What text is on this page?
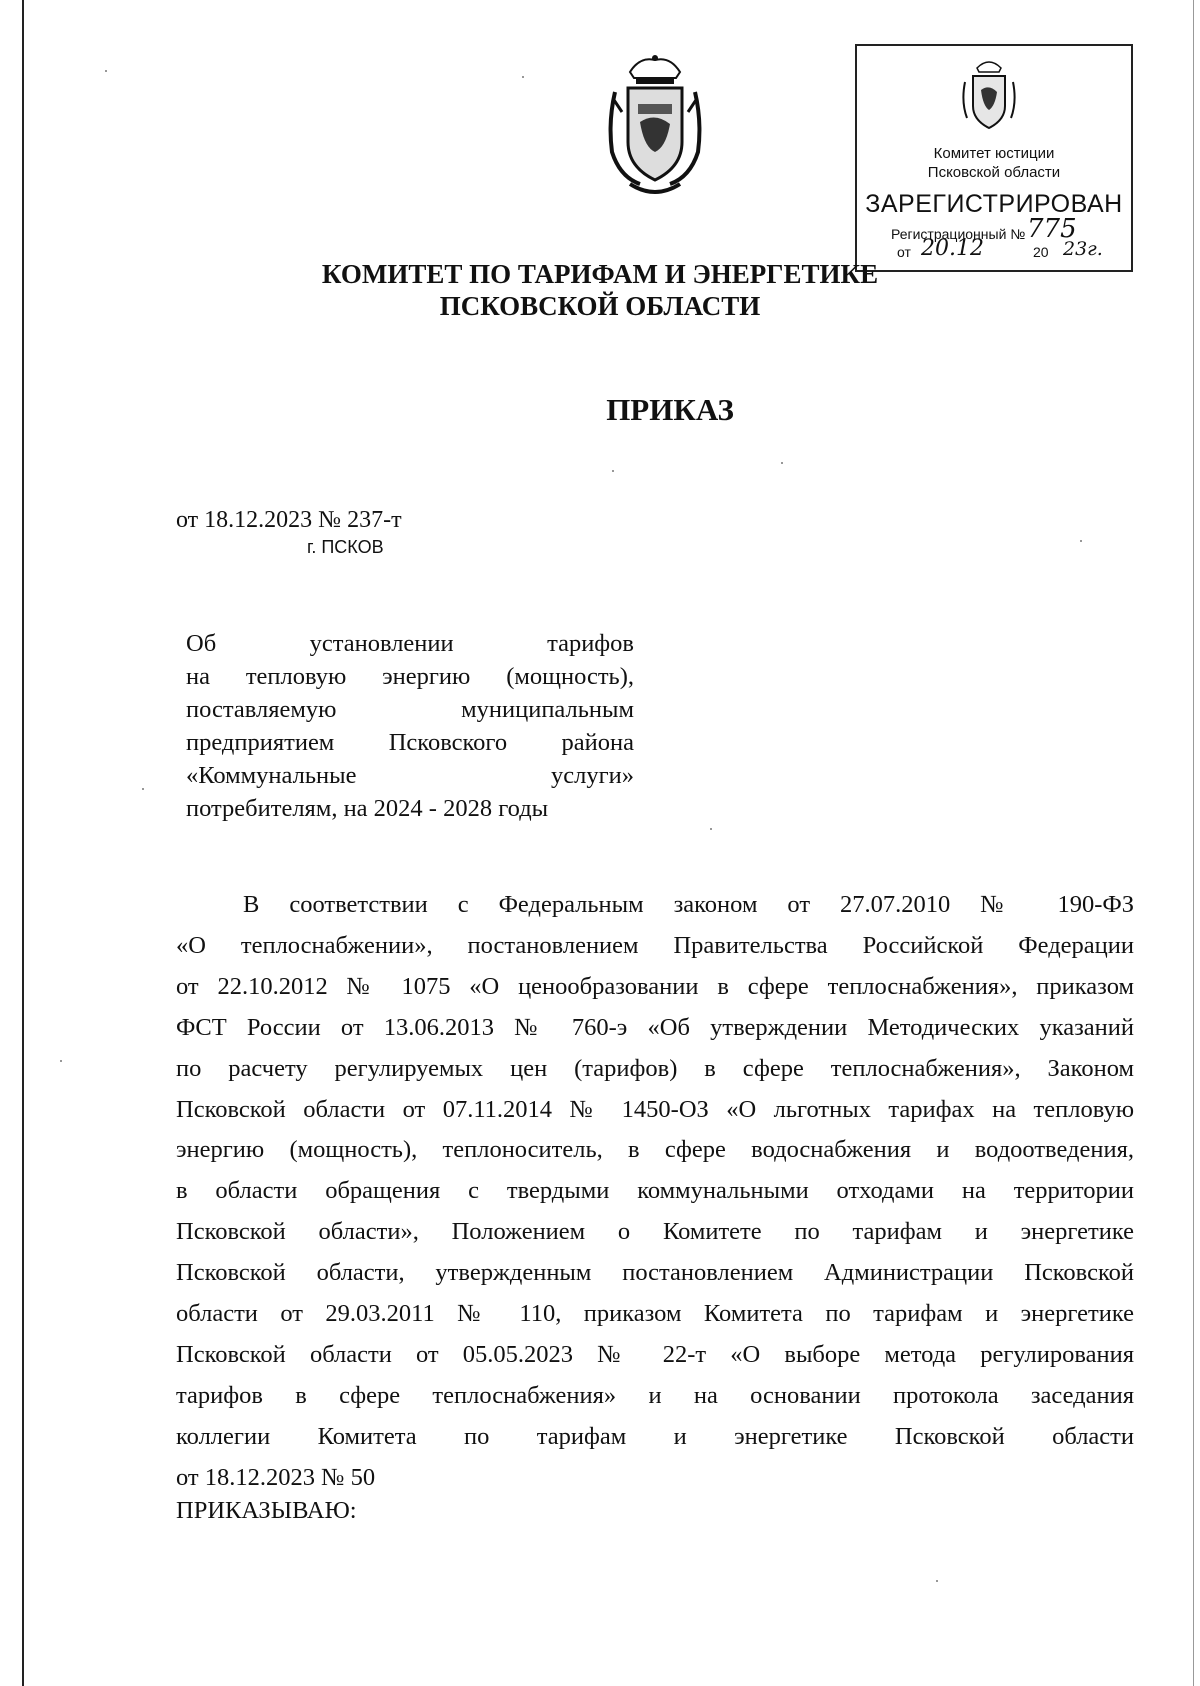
Комитет юстиции
Псковской области
ЗАРЕГИСТРИРОВАН
Регистрационный № 775
от 20.12	20 23г.
КОМИТЕТ ПО ТАРИФАМ И ЭНЕРГЕТИКЕ
ПСКОВСКОЙ ОБЛАСТИ
ПРИКАЗ
от 18.12.2023 № 237-т
г. ПСКОВ
Об установлении тарифов
на тепловую энергию (мощность),
поставляемую муниципальным
предприятием Псковского района
«Коммунальные услуги»
потребителям, на 2024 - 2028 годы
В соответствии с Федеральным законом от 27.07.2010 № 190-ФЗ
«О теплоснабжении», постановлением Правительства Российской Федерации
от 22.10.2012 № 1075 «О ценообразовании в сфере теплоснабжения», приказом
ФСТ России от 13.06.2013 № 760-э «Об утверждении Методических указаний
по расчету регулируемых цен (тарифов) в сфере теплоснабжения», Законом
Псковской области от 07.11.2014 № 1450-ОЗ «О льготных тарифах на тепловую
энергию (мощность), теплоноситель, в сфере водоснабжения и водоотведения,
в области обращения с твердыми коммунальными отходами на территории
Псковской области», Положением о Комитете по тарифам и энергетике
Псковской области, утвержденным постановлением Администрации Псковской
области от 29.03.2011 № 110, приказом Комитета по тарифам и энергетике
Псковской области от 05.05.2023 № 22-т «О выборе метода регулирования
тарифов в сфере теплоснабжения» и на основании протокола заседания
коллегии Комитета по тарифам и энергетике Псковской области
от 18.12.2023 № 50
ПРИКАЗЫВАЮ:
